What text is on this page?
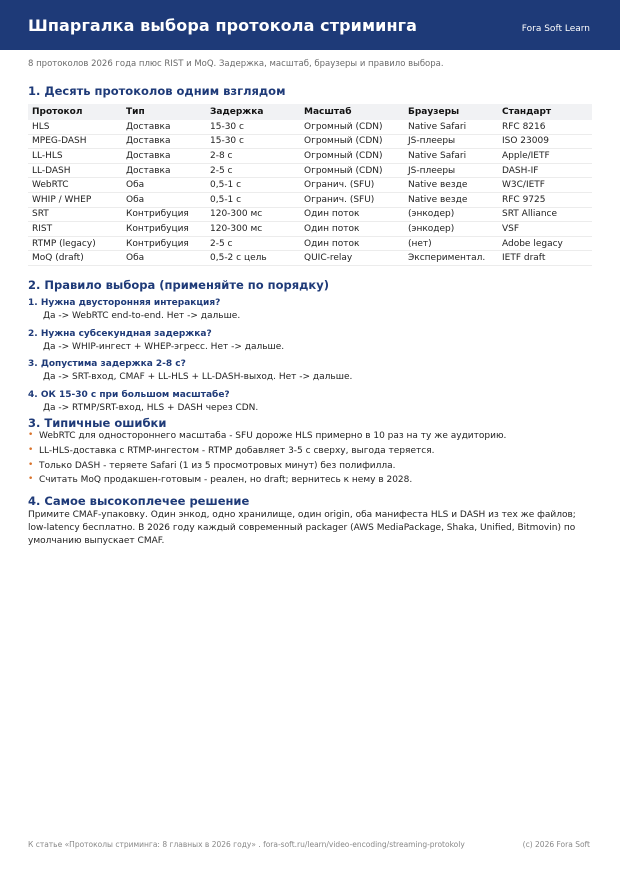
Шпаргалка выбора протокола стриминга	Fora Soft Learn
8 протоколов 2026 года плюс RIST и MoQ. Задержка, масштаб, браузеры и правило выбора.
1. Десять протоколов одним взглядом
Протокол	Тип	Задержка	Масштаб	Браузеры	Стандарт
HLS	Доставка	15-30 с	Огромный (CDN)	Native Safari	RFC 8216
MPEG-DASH	Доставка	15-30 с	Огромный (CDN)	JS-плееры	ISO 23009
LL-HLS	Доставка	2-8 с	Огромный (CDN)	Native Safari	Apple/IETF
LL-DASH	Доставка	2-5 с	Огромный (CDN)	JS-плееры	DASH-IF
WebRTC	Оба	0,5-1 с	Огранич. (SFU)	Native везде	W3C/IETF
WHIP / WHEP	Оба	0,5-1 с	Огранич. (SFU)	Native везде	RFC 9725
SRT	Контрибуция	120-300 мс	Один поток	(энкодер)	SRT Alliance
RIST	Контрибуция	120-300 мс	Один поток	(энкодер)	VSF
RTMP (legacy)	Контрибуция	2-5 с	Один поток	(нет)	Adobe legacy
MoQ (draft)	Оба	0,5-2 с цель	QUIC-relay	Экспериментал.	IETF draft
2. Правило выбора (применяйте по порядку)
1. Нужна двусторонняя интеракция?
Да -> WebRTC end-to-end. Нет -> дальше.
2. Нужна субсекундная задержка?
Да -> WHIP-ингест + WHEP-эгресс. Нет -> дальше.
3. Допустима задержка 2-8 с?
Да -> SRT-вход, CMAF + LL-HLS + LL-DASH-выход. Нет -> дальше.
4. ОК 15-30 с при большом масштабе?
Да -> RTMP/SRT-вход, HLS + DASH через CDN.
3. Типичные ошибки
• WebRTC для одностороннего масштаба - SFU дороже HLS примерно в 10 раз на ту же аудиторию.
• LL-HLS-доставка с RTMP-ингестом - RTMP добавляет 3-5 с сверху, выгода теряется.
• Только DASH - теряете Safari (1 из 5 просмотровых минут) без полифилла.
• Считать MoQ продакшен-готовым - реален, но draft; вернитесь к нему в 2028.
4. Самое высокоплечее решение
Примите CMAF-упаковку. Один энкод, одно хранилище, один origin, оба манифеста HLS и DASH из тех же файлов; low-latency бесплатно. В 2026 году каждый современный packager (AWS MediaPackage, Shaka, Unified, Bitmovin) по умолчанию выпускает CMAF.
К статье «Протоколы стриминга: 8 главных в 2026 году» . fora-soft.ru/learn/video-encoding/streaming-protokoly	(c) 2026 Fora Soft
